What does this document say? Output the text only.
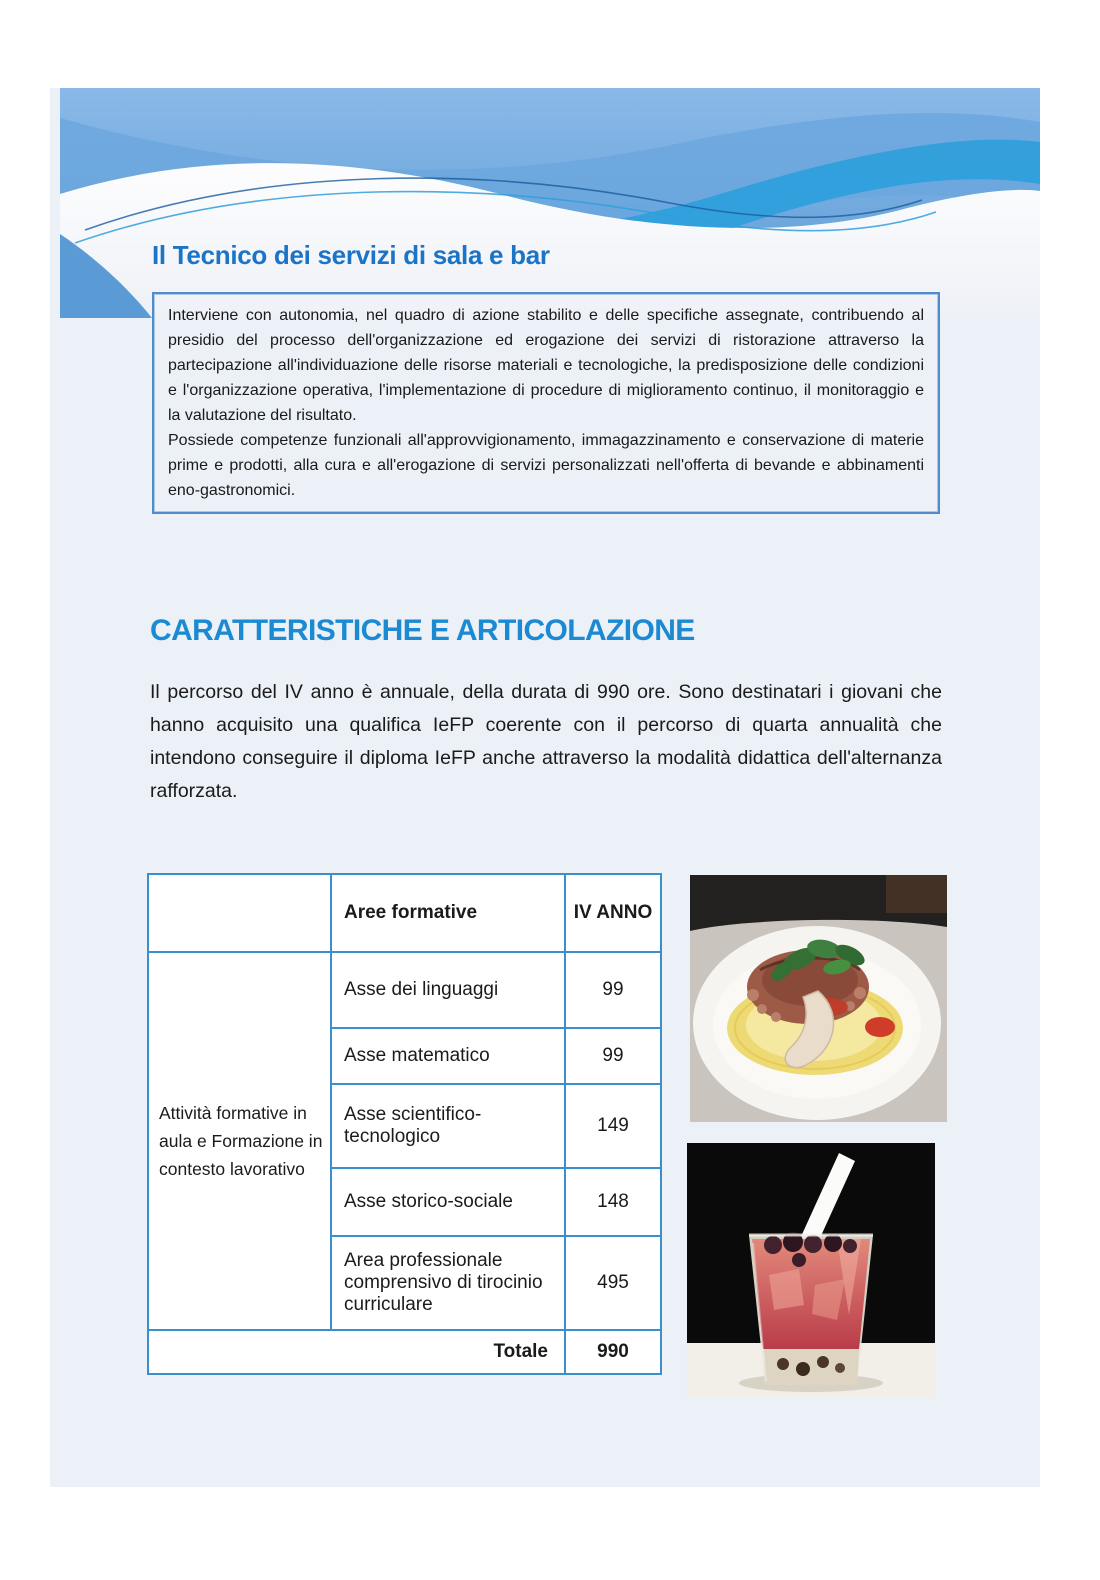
Il Tecnico dei servizi di sala e bar

Interviene con autonomia, nel quadro di azione stabilito e delle specifiche assegnate, contribuendo al presidio del processo dell'organizzazione ed erogazione dei servizi di ristorazione attraverso la partecipazione all'individuazione delle risorse materiali e tecnologiche, la predisposizione delle condizioni e l'organizzazione operativa, l'implementazione di procedure di miglioramento continuo, il monitoraggio e la valutazione del risultato.

Possiede competenze funzionali all'approvvigionamento, immagazzinamento e conservazione di materie prime e prodotti, alla cura e all'erogazione di servizi personalizzati nell'offerta di bevande e abbinamenti eno-gastronomici.

CARATTERISTICHE E ARTICOLAZIONE

Il percorso del IV anno è annuale, della durata di 990 ore. Sono destinatari i giovani che hanno acquisito una qualifica IeFP coerente con il percorso di quarta annualità che intendono conseguire il diploma IeFP anche attraverso la modalità didattica dell'alternanza rafforzata.

	Aree formative	IV ANNO
Attività formative in aula e Formazione in contesto lavorativo	Asse dei linguaggi	99
	Asse matematico	99
	Asse scientifico-tecnologico	149
	Asse storico-sociale	148
	Area professionale comprensivo di tirocinio curriculare	495
Totale		990
